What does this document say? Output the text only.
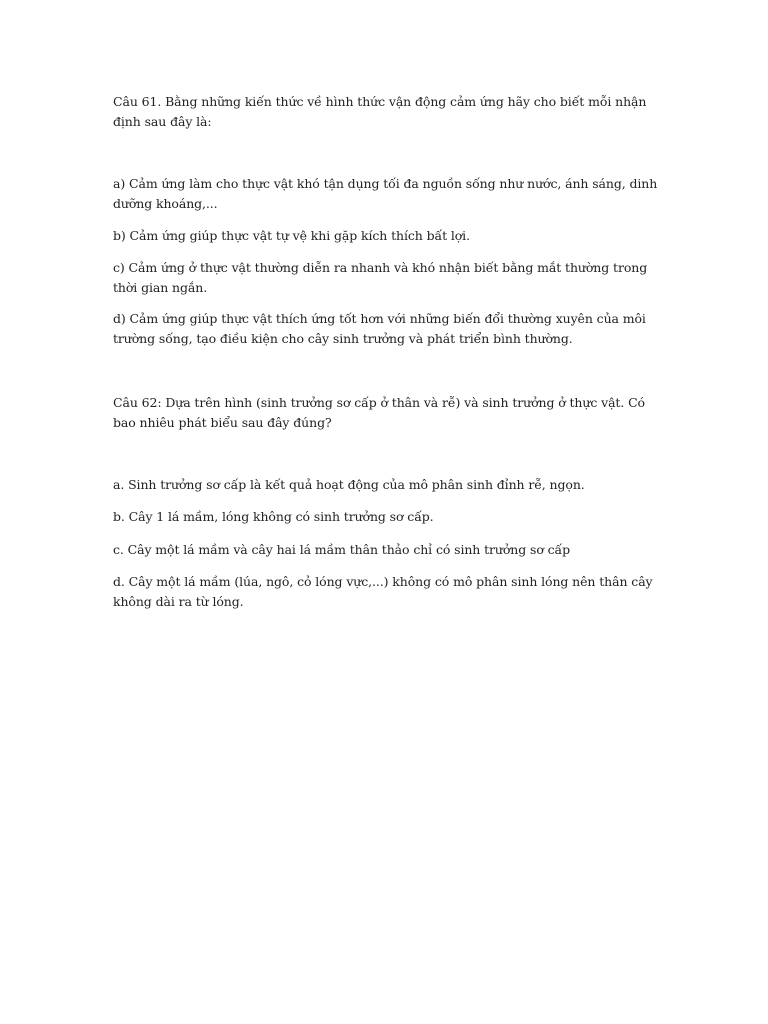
Câu 61. Bằng những kiến thức về hình thức vận động cảm ứng hãy cho biết mỗi nhận định sau đây là:

a) Cảm ứng làm cho thực vật khó tận dụng tối đa nguồn sống như nước, ánh sáng, dinh dưỡng khoáng,...

b) Cảm ứng giúp thực vật tự vệ khi gặp kích thích bất lợi.

c) Cảm ứng ở thực vật thường diễn ra nhanh và khó nhận biết bằng mắt thường trong thời gian ngắn.

d) Cảm ứng giúp thực vật thích ứng tốt hơn với những biến đổi thường xuyên của môi trường sống, tạo điều kiện cho cây sinh trưởng và phát triển bình thường.

Câu 62: Dựa trên hình (sinh trưởng sơ cấp ở thân và rễ) và sinh trưởng ở thực vật. Có bao nhiêu phát biểu sau đây đúng?

a. Sinh trưởng sơ cấp là kết quả hoạt động của mô phân sinh đỉnh rễ, ngọn.

b. Cây 1 lá mầm, lóng không có sinh trưởng sơ cấp.

c. Cây một lá mầm và cây hai lá mầm thân thảo chỉ có sinh trưởng sơ cấp

d. Cây một lá mầm (lúa, ngô, cỏ lóng vực,...) không có mô phân sinh lóng nên thân cây không dài ra từ lóng.
